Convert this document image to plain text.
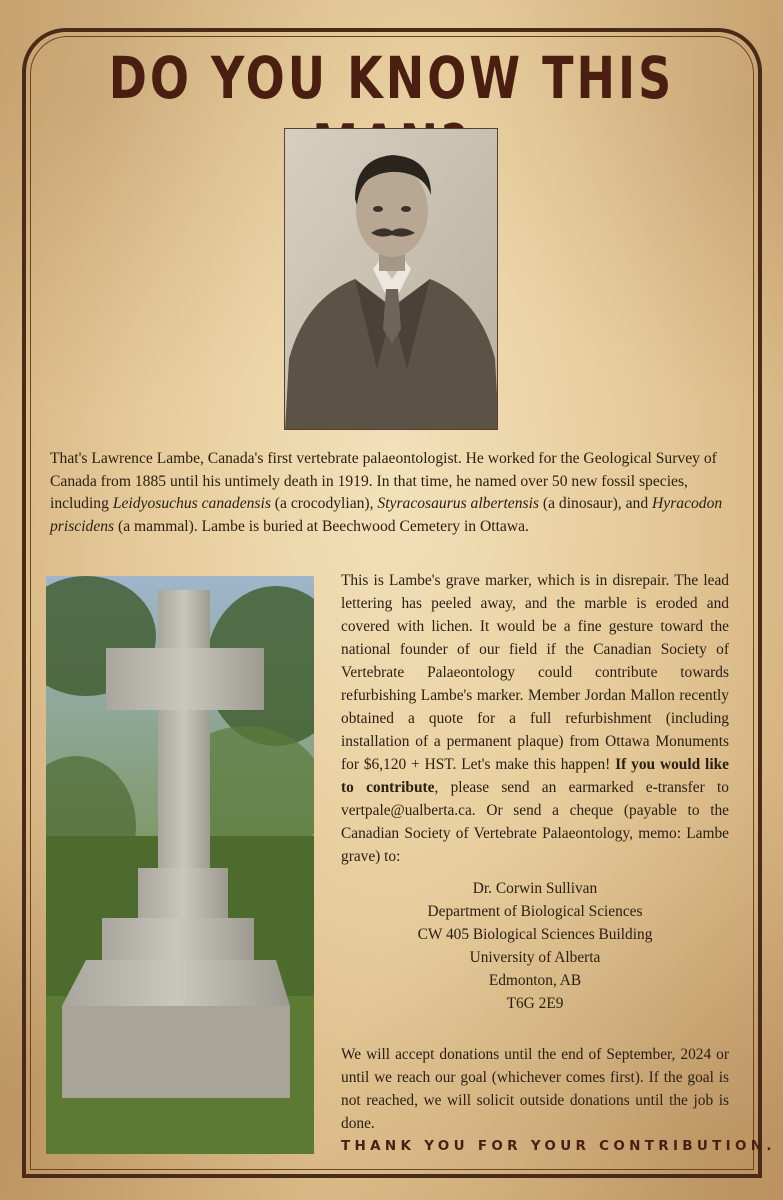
DO YOU KNOW THIS

That's Lawrence Lambe, Canada's first vertebrate palaeontologist. He worked for the Geological Survey of Canada from 1885 until his untimely death in 1919. In that time, he named over 50 new fossil species, including Leidyosuchus canadensis (a crocodylian), Styracosaurus albertensis (a dinosaur), and Hyracodon priscidens (a mammal). Lambe is buried at Beechwood Cemetery in Ottawa.

This is Lambe's grave marker, which is in disrepair. The lead lettering has peeled away, and the marble is eroded and covered with lichen. It would be a fine gesture toward the national founder of our field if the Canadian Society of Vertebrate Palaeontology could contribute towards refurbishing Lambe's marker. Member Jordan Mallon recently obtained a quote for a full refurbishment (including installation of a permanent plaque) from Ottawa Monuments for $6,120 + HST. Let's make this happen! If you would like to contribute, please send an earmarked e-transfer to vertpale@ualberta.ca. Or send a cheque (payable to the Canadian Society of Vertebrate Palaeontology, memo: Lambe grave) to:

Dr. Corwin Sullivan
Department of Biological Sciences
CW 405 Biological Sciences Building
University of Alberta
Edmonton, AB
T6G 2E9

We will accept donations until the end of September, 2024 or until we reach our goal (whichever comes first). If the goal is not reached, we will solicit outside donations until the job is done.

THANK YOU FOR YOUR CONTRIBUTION.
